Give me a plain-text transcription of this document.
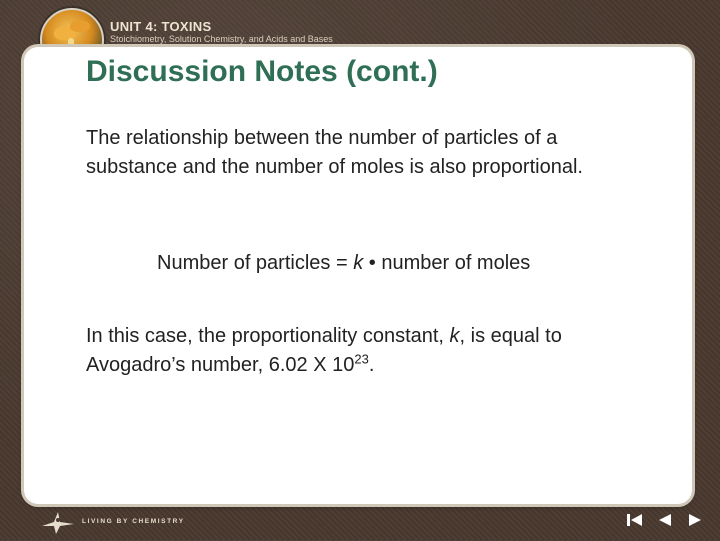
UNIT 4: TOXINS
Stoichiometry, Solution Chemistry, and Acids and Bases
Discussion Notes (cont.)
The relationship between the number of particles of a substance and the number of moles is also proportional.
Number of particles = k • number of moles
In this case, the proportionality constant, k, is equal to Avogadro’s number, 6.02 X $10^{23}$.
LIVING BY CHEMISTRY
